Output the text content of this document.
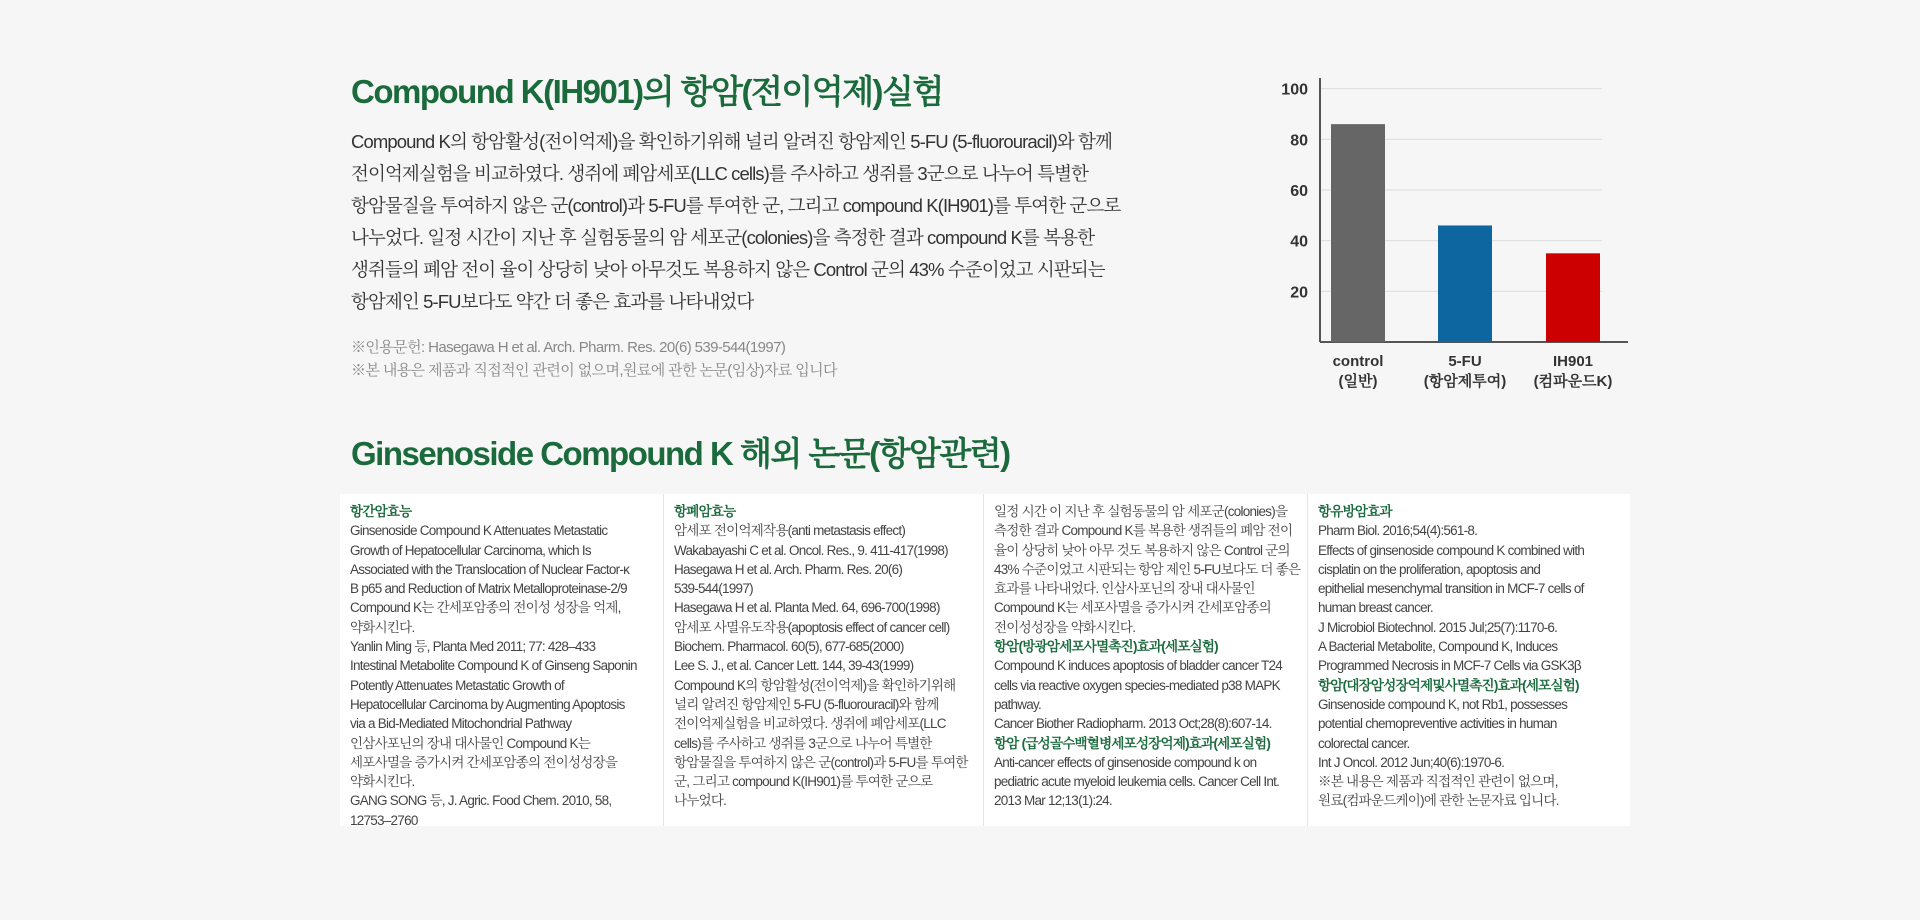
Compound K(IH901)의 항암(전이억제)실험
Compound K의 항암활성(전이억제)을 확인하기위해 널리 알려진 항암제인 5-FU (5-fluorouracil)와 함께
전이억제실험을 비교하였다. 생쥐에 폐암세포(LLC cells)를 주사하고 생쥐를 3군으로 나누어 특별한
항암물질을 투여하지 않은 군(control)과 5-FU를 투여한 군, 그리고 compound K(IH901)를 투여한 군으로
나누었다. 일정 시간이 지난 후 실험동물의 암 세포군(colonies)을 측정한 결과 compound K를 복용한
생쥐들의 폐암 전이 율이 상당히 낮아 아무것도 복용하지 않은 Control 군의 43% 수준이었고 시판되는
항암제인 5-FU보다도 약간 더 좋은 효과를 나타내었다
※인용문헌: Hasegawa H et al. Arch. Pharm. Res. 20(6) 539-544(1997)
※본 내용은 제품과 직접적인 관련이 없으며,원료에 관한 논문(임상)자료 입니다
20
40
60
80
100
control
(일반)
5-FU
(항암제투여)
IH901
(컴파운드K)
Ginsenoside Compound K 해외 논문(항암관련)
항간암효능
Ginsenoside Compound K Attenuates Metastatic
Growth of Hepatocellular Carcinoma, which Is
Associated with the Translocation of Nuclear Factor-κ
B p65 and Reduction of Matrix Metalloproteinase-2/9
Compound K는 간세포암종의 전이성 성장을 억제,
약화시킨다.
Yanlin Ming 등, Planta Med 2011; 77: 428–433
Intestinal Metabolite Compound K of Ginseng Saponin
Potently Attenuates Metastatic Growth of
Hepatocellular Carcinoma by Augmenting Apoptosis
via a Bid-Mediated Mitochondrial Pathway
인삼사포닌의 장내 대사물인 Compound K는
세포사멸을 증가시켜 간세포암종의 전이성성장을
약화시킨다.
GANG SONG 등, J. Agric. Food Chem. 2010, 58,
12753–2760
항폐암효능
암세포 전이억제작용(anti metastasis effect)
Wakabayashi C et al. Oncol. Res., 9. 411-417(1998)
Hasegawa H et al. Arch. Pharm. Res. 20(6)
539-544(1997)
Hasegawa H et al. Planta Med. 64, 696-700(1998)
암세포 사멸유도작용(apoptosis effect of cancer cell)
Biochem. Pharmacol. 60(5), 677-685(2000)
Lee S. J., et al. Cancer Lett. 144, 39-43(1999)
Compound K의 항암활성(전이억제)을 확인하기위해
널리 알려진 항암제인 5-FU (5-fluorouracil)와 함께
전이억제실험을 비교하였다. 생쥐에 폐암세포(LLC
cells)를 주사하고 생쥐를 3군으로 나누어 특별한
항암물질을 투여하지 않은 군(control)과 5-FU를 투여한
군, 그리고 compound K(IH901)를 투여한 군으로
나누었다.
일정 시간 이 지난 후 실험동물의 암 세포군(colonies)을
측정한 결과 Compound K를 복용한 생쥐들의 폐암 전이
율이 상당히 낮아 아무 것도 복용하지 않은 Control 군의
43% 수준이었고 시판되는 항암 제인 5-FU보다도 더 좋은
효과를 나타내었다. 인삼사포닌의 장내 대사물인
Compound K는 세포사멸을 증가시켜 간세포암종의
전이성성장을 약화시킨다.
항암(방광암세포사멸촉진)효과(세포실험)
Compound K induces apoptosis of bladder cancer T24
cells via reactive oxygen species-mediated p38 MAPK
pathway.
Cancer Biother Radiopharm. 2013 Oct;28(8):607-14.
항암 (급성골수백혈병세포성장억제)효과(세포실험)
Anti-cancer effects of ginsenoside compound k on
pediatric acute myeloid leukemia cells. Cancer Cell Int.
2013 Mar 12;13(1):24.
항유방암효과
Pharm Biol. 2016;54(4):561-8.
Effects of ginsenoside compound K combined with
cisplatin on the proliferation, apoptosis and
epithelial mesenchymal transition in MCF-7 cells of
human breast cancer.
J Microbiol Biotechnol. 2015 Jul;25(7):1170-6.
A Bacterial Metabolite, Compound K, Induces
Programmed Necrosis in MCF-7 Cells via GSK3β
항암(대장암성장억제및사멸촉진)효과(세포실험)
Ginsenoside compound K, not Rb1, possesses
potential chemopreventive activities in human
colorectal cancer.
Int J Oncol. 2012 Jun;40(6):1970-6.
※본 내용은 제품과 직접적인 관련이 없으며,
원료(컴파운드케이)에 관한 논문자료 입니다.
